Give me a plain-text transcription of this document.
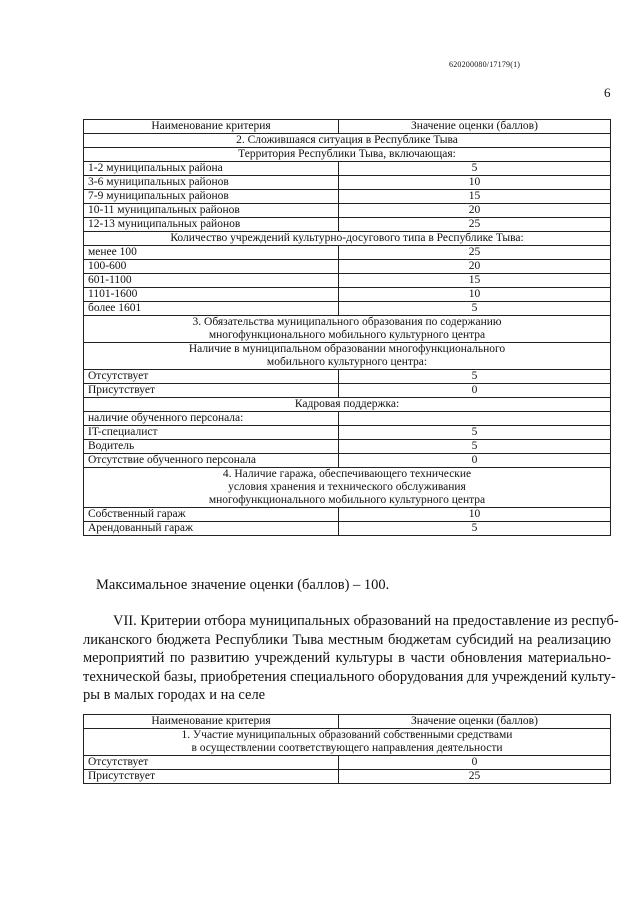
620200080/17179(1)
6
Наименование критерия	Значение оценки (баллов)
2. Сложившаяся ситуация в Республике Тыва	
Территория Республики Тыва, включающая:	
1-2 муниципальных района	5
3-6 муниципальных районов	10
7-9 муниципальных районов	15
10-11 муниципальных районов	20
12-13 муниципальных районов	25
Количество учреждений культурно-досугового типа в Республике Тыва:	
менее 100	25
100-600	20
601-1100	15
1101-1600	10
более 1601	5

3. Обязательства муниципального образования по содержанию
многофункционального мобильного культурного центра	

Наличие в муниципальном образовании многофункционального
мобильного культурного центра:	

Отсутствует	5
Присутствует	0
Кадровая поддержка:	
наличие обученного персонала:	
IT-специалист	5
Водитель	5
Отсутствие обученного персонала	0

4. Наличие гаража, обеспечивающего технические
условия хранения и технического обслуживания
многофункционального мобильного культурного центра	

Собственный гараж	10
Арендованный гараж	5
Максимальное значение оценки (баллов) – 100.
VII. Критерии отбора муниципальных образований на предоставление из респуб-
ликанского бюджета Республики Тыва местным бюджетам субсидий на реализацию
мероприятий по развитию учреждений культуры в части обновления материально-
технической базы, приобретения специального оборудования для учреждений культу-
ры в малых городах и на селе
Наименование критерия	Значение оценки (баллов)

1. Участие муниципальных образований собственными средствами
в осуществлении соответствующего направления деятельности	

Отсутствует	0
Присутствует	25
